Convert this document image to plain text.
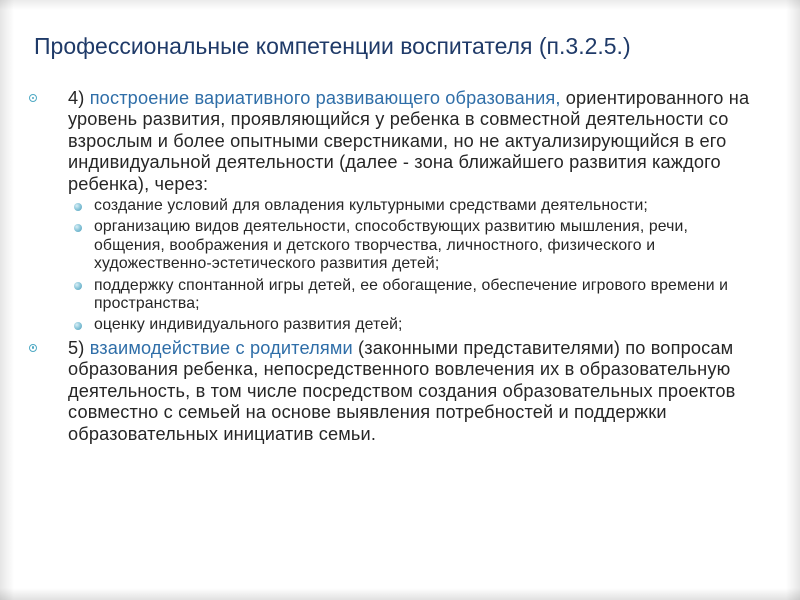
Профессиональные компетенции воспитателя (п.3.2.5.)
4) построение вариативного развивающего образования, ориентированного на уровень развития, проявляющийся у ребенка в совместной деятельности со взрослым и более опытными сверстниками, но не актуализирующийся в его индивидуальной деятельности (далее - зона ближайшего развития каждого ребенка), через:
создание условий для овладения культурными средствами деятельности;
организацию видов деятельности, способствующих развитию мышления, речи, общения, воображения и детского творчества, личностного, физического и художественно-эстетического развития детей;
поддержку спонтанной игры детей, ее обогащение, обеспечение игрового времени и пространства;
оценку индивидуального развития детей;
5) взаимодействие с родителями (законными представителями) по вопросам образования ребенка, непосредственного вовлечения их в образовательную деятельность, в том числе посредством создания образовательных проектов совместно с семьей на основе выявления потребностей и поддержки образовательных инициатив семьи.
